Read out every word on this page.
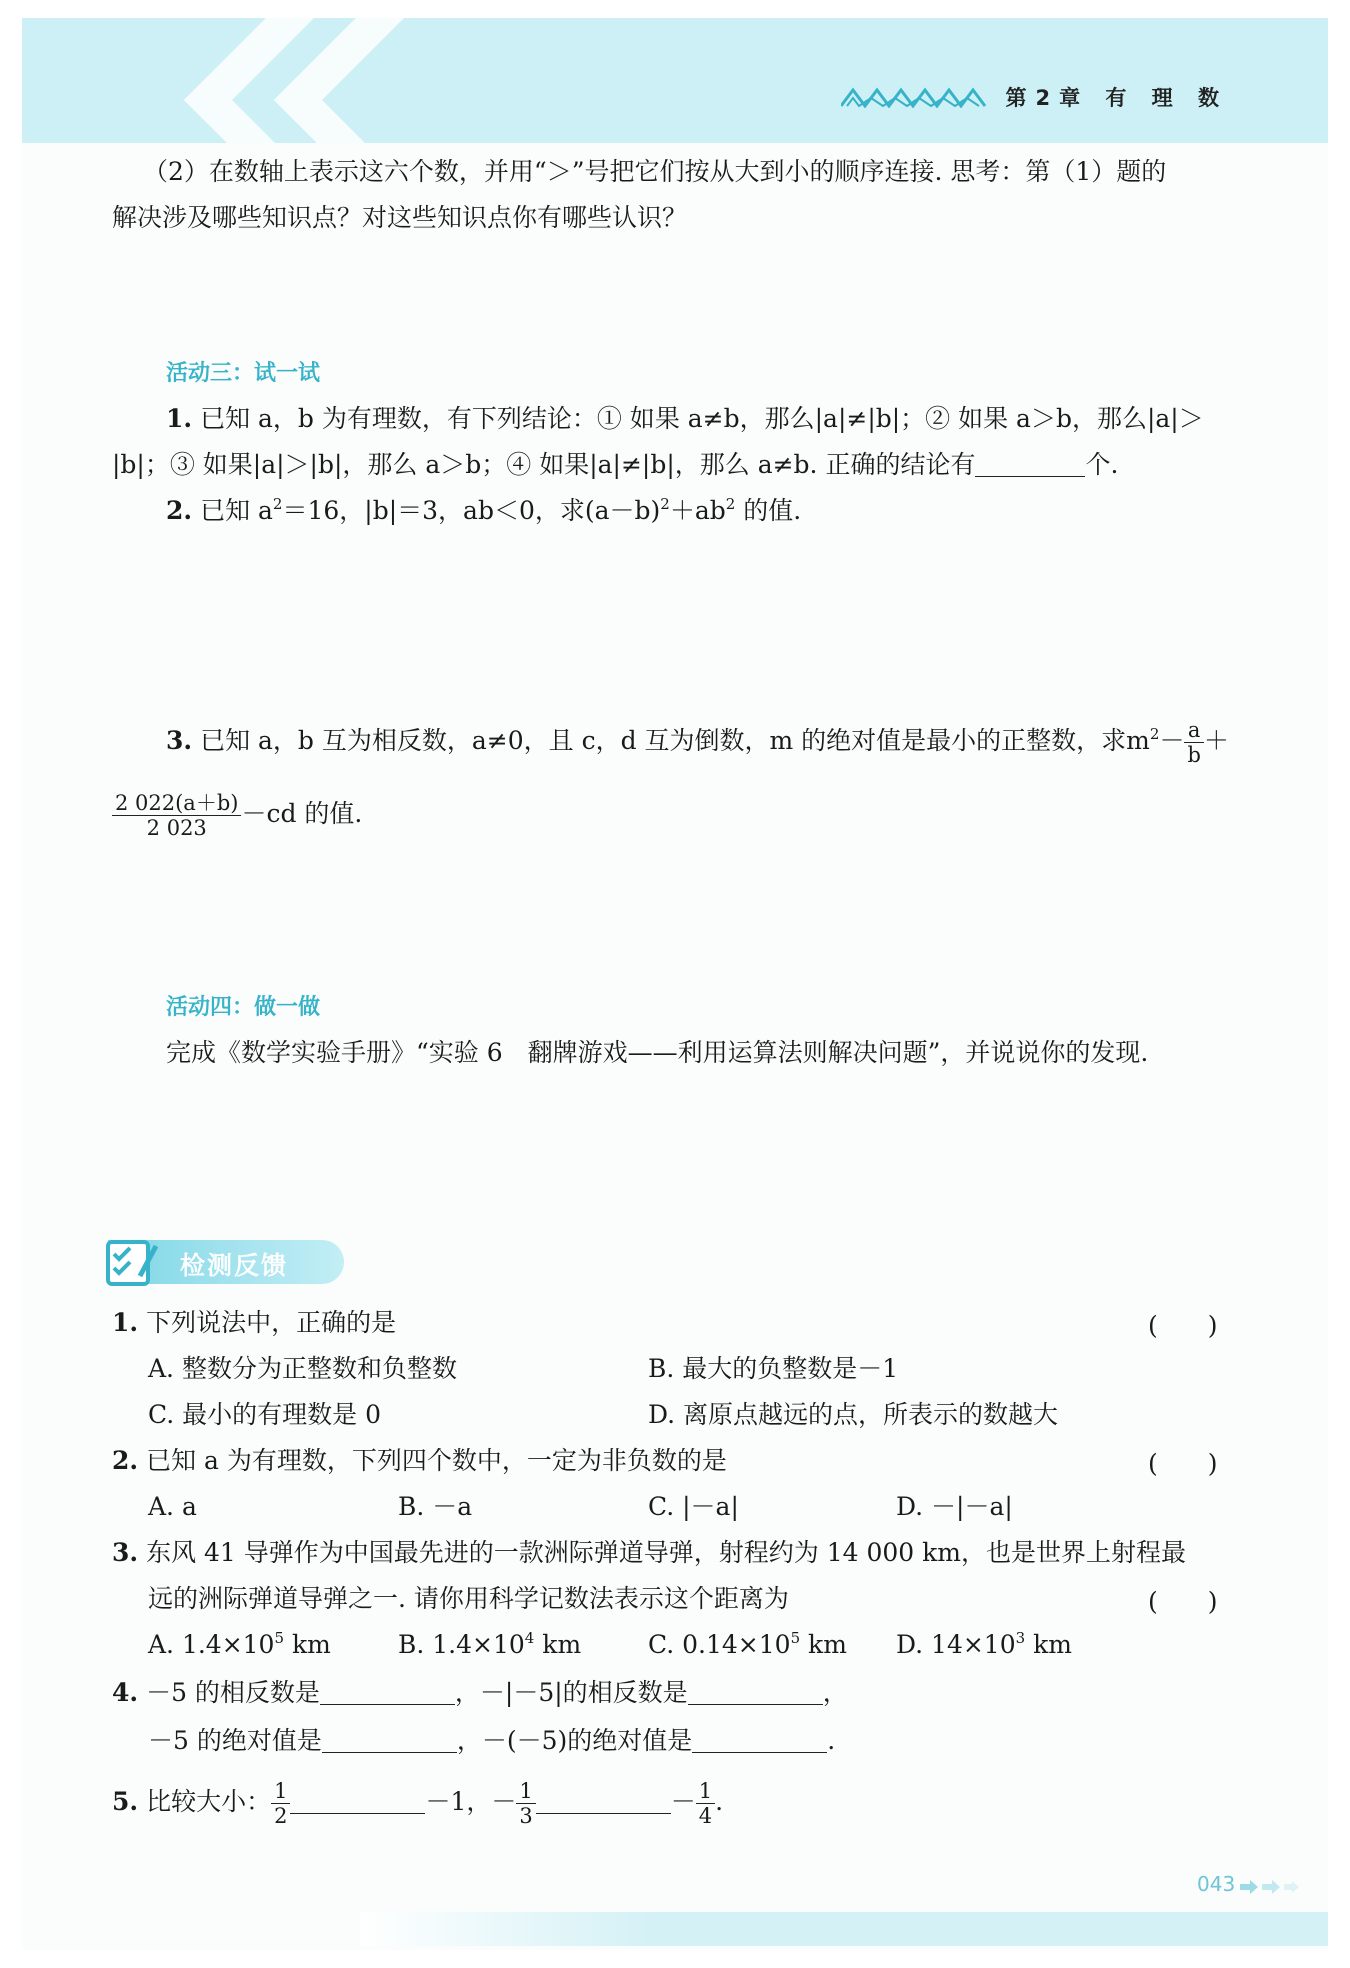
第2章 有 理 数
（2）在数轴上表示这六个数，并用“＞”号把它们按从大到小的顺序连接. 思考：第（1）题的
解决涉及哪些知识点？对这些知识点你有哪些认识？
活动三：试一试
1. 已知 a，b 为有理数，有下列结论：① 如果 a≠b，那么|a|≠|b|；② 如果 a＞b，那么|a|＞
|b|；③ 如果|a|＞|b|，那么 a＞b；④ 如果|a|≠|b|，那么 a≠b. 正确的结论有	个.
2. 已知 $a^2=16$，|b|＝3，ab＜0，求$(a-b)^2+ab^2$ 的值.
3. 已知 a，b 互为相反数，a≠0，且 c，d 互为倒数，m 的绝对值是最小的正整数，求$m^2- \frac{a}{b}$ ＋
$\frac{2 022(a+b)}{2 023} -cd$ 的值.
活动四：做一做
完成《数学实验手册》“实验 6　翻牌游戏——利用运算法则解决问题”，并说说你的发现.
检测反馈
1. 下列说法中，正确的是	(　　)
A. 整数分为正整数和负整数	B. 最大的负整数是－1
C. 最小的有理数是 0	D. 离原点越远的点，所表示的数越大
2. 已知 a 为有理数，下列四个数中，一定为非负数的是	(　　)
A. a	B. －a	C. |－a|	D. －|－a|
3. 东风 41 导弹作为中国最先进的一款洲际弹道导弹，射程约为 14 000 km，也是世界上射程最
远的洲际弹道导弹之一. 请你用科学记数法表示这个距离为	(　　)
A. $1.4\times 10^5$ km	B. $1.4\times 10^4$ km	C. $0.14\times 10^5$ km D. $14\times 10^3$ km
4. －5 的相反数是	，－|－5|的相反数是	，
－5 的绝对值是	，－(－5)的绝对值是	.
5. 比较大小： $\frac{1}{2}$	－1，－ $\frac{1}{3}$	－ $\frac{1}{4}$ .
043
